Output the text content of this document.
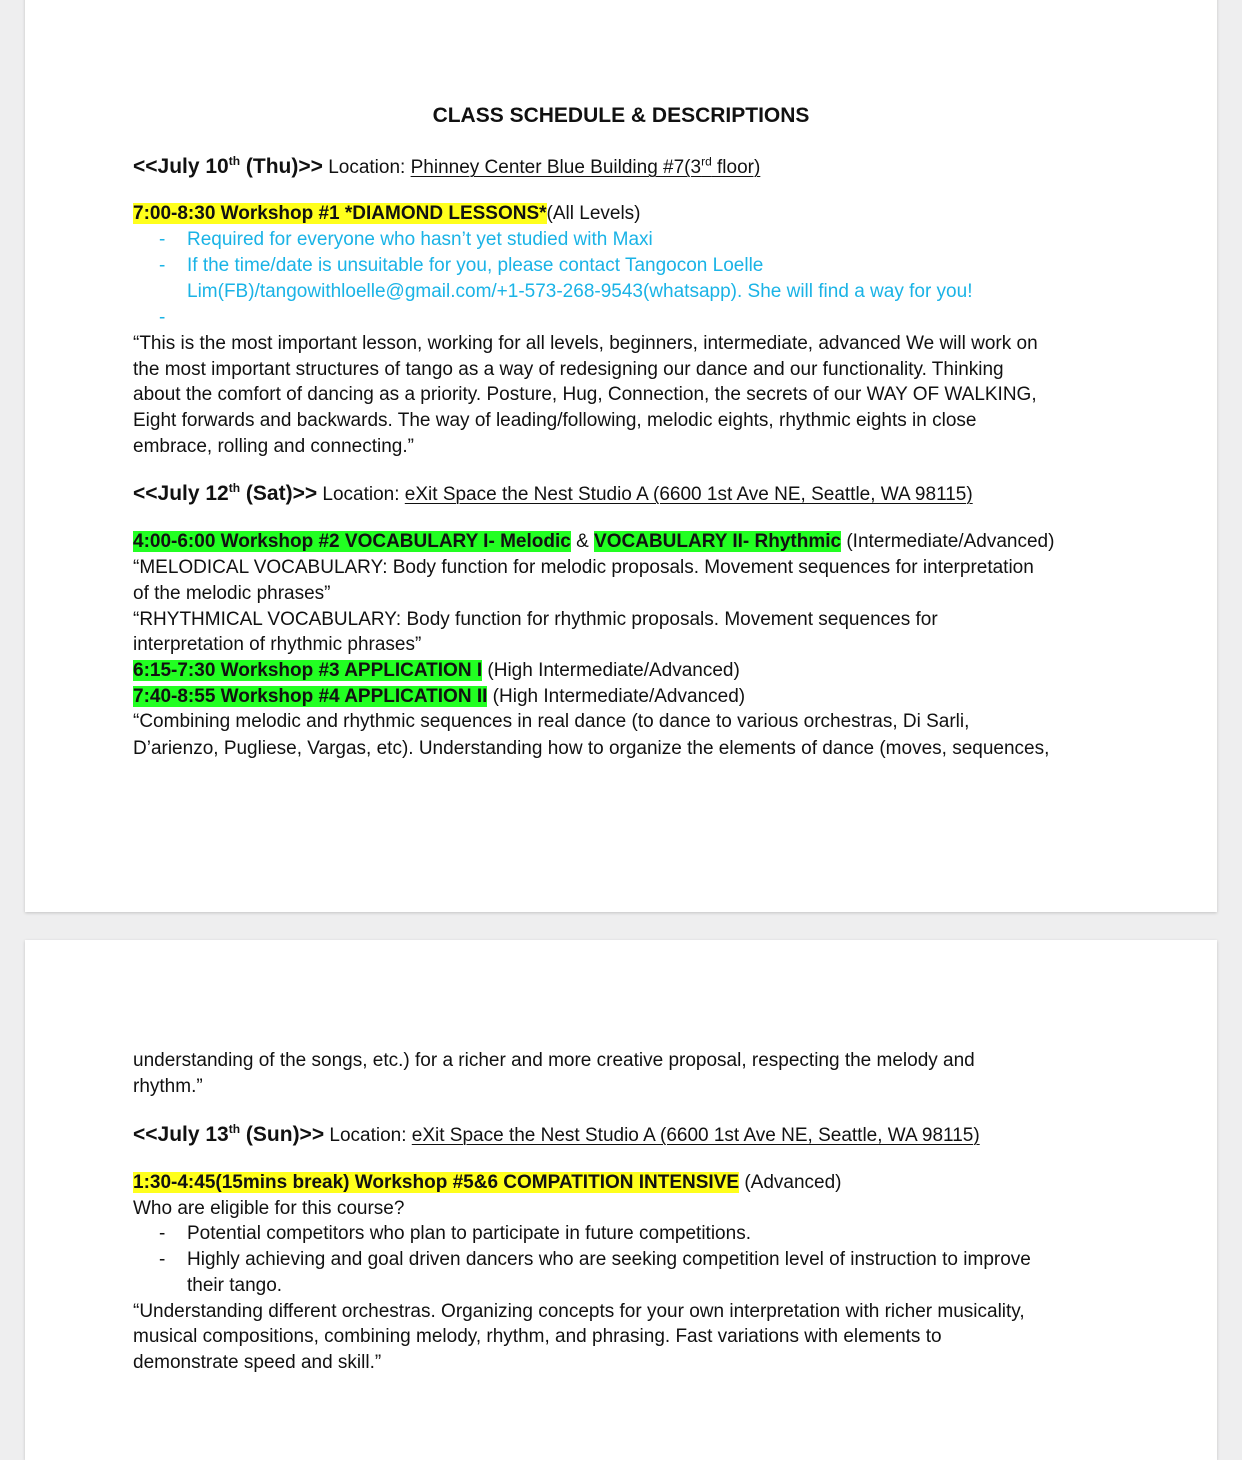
CLASS SCHEDULE & DESCRIPTIONS
<<July 10th (Thu)>> Location: Phinney Center Blue Building #7(3rd floor)
7:00-8:30 Workshop #1 *DIAMOND LESSONS*(All Levels)
-	Required for everyone who hasn’t yet studied with Maxi
-	If the time/date is unsuitable for you, please contact Tangocon Loelle
Lim(FB)/tangowithloelle@gmail.com/+1-573-268-9543(whatsapp). She will find a way for you!
-
“This is the most important lesson, working for all levels, beginners, intermediate, advanced We will work on
the most important structures of tango as a way of redesigning our dance and our functionality. Thinking
about the comfort of dancing as a priority. Posture, Hug, Connection, the secrets of our WAY OF WALKING,
Eight forwards and backwards. The way of leading/following, melodic eights, rhythmic eights in close
embrace, rolling and connecting.”
<<July 12th (Sat)>> Location: eXit Space the Nest Studio A (6600 1st Ave NE, Seattle, WA 98115)
4:00-6:00 Workshop #2 VOCABULARY I- Melodic & VOCABULARY II- Rhythmic (Intermediate/Advanced)
“MELODICAL VOCABULARY: Body function for melodic proposals. Movement sequences for interpretation
of the melodic phrases”
“RHYTHMICAL VOCABULARY: Body function for rhythmic proposals. Movement sequences for
interpretation of rhythmic phrases”
6:15-7:30 Workshop #3 APPLICATION I (High Intermediate/Advanced)
7:40-8:55 Workshop #4 APPLICATION II (High Intermediate/Advanced)
“Combining melodic and rhythmic sequences in real dance (to dance to various orchestras, Di Sarli,
D’arienzo, Pugliese, Vargas, etc). Understanding how to organize the elements of dance (moves, sequences,
understanding of the songs, etc.) for a richer and more creative proposal, respecting the melody and
rhythm.”
<<July 13th (Sun)>> Location: eXit Space the Nest Studio A (6600 1st Ave NE, Seattle, WA 98115)
1:30-4:45(15mins break) Workshop #5&6 COMPATITION INTENSIVE (Advanced)
Who are eligible for this course?
-	Potential competitors who plan to participate in future competitions.
-	Highly achieving and goal driven dancers who are seeking competition level of instruction to improve
their tango.
“Understanding different orchestras. Organizing concepts for your own interpretation with richer musicality,
musical compositions, combining melody, rhythm, and phrasing. Fast variations with elements to
demonstrate speed and skill.”
